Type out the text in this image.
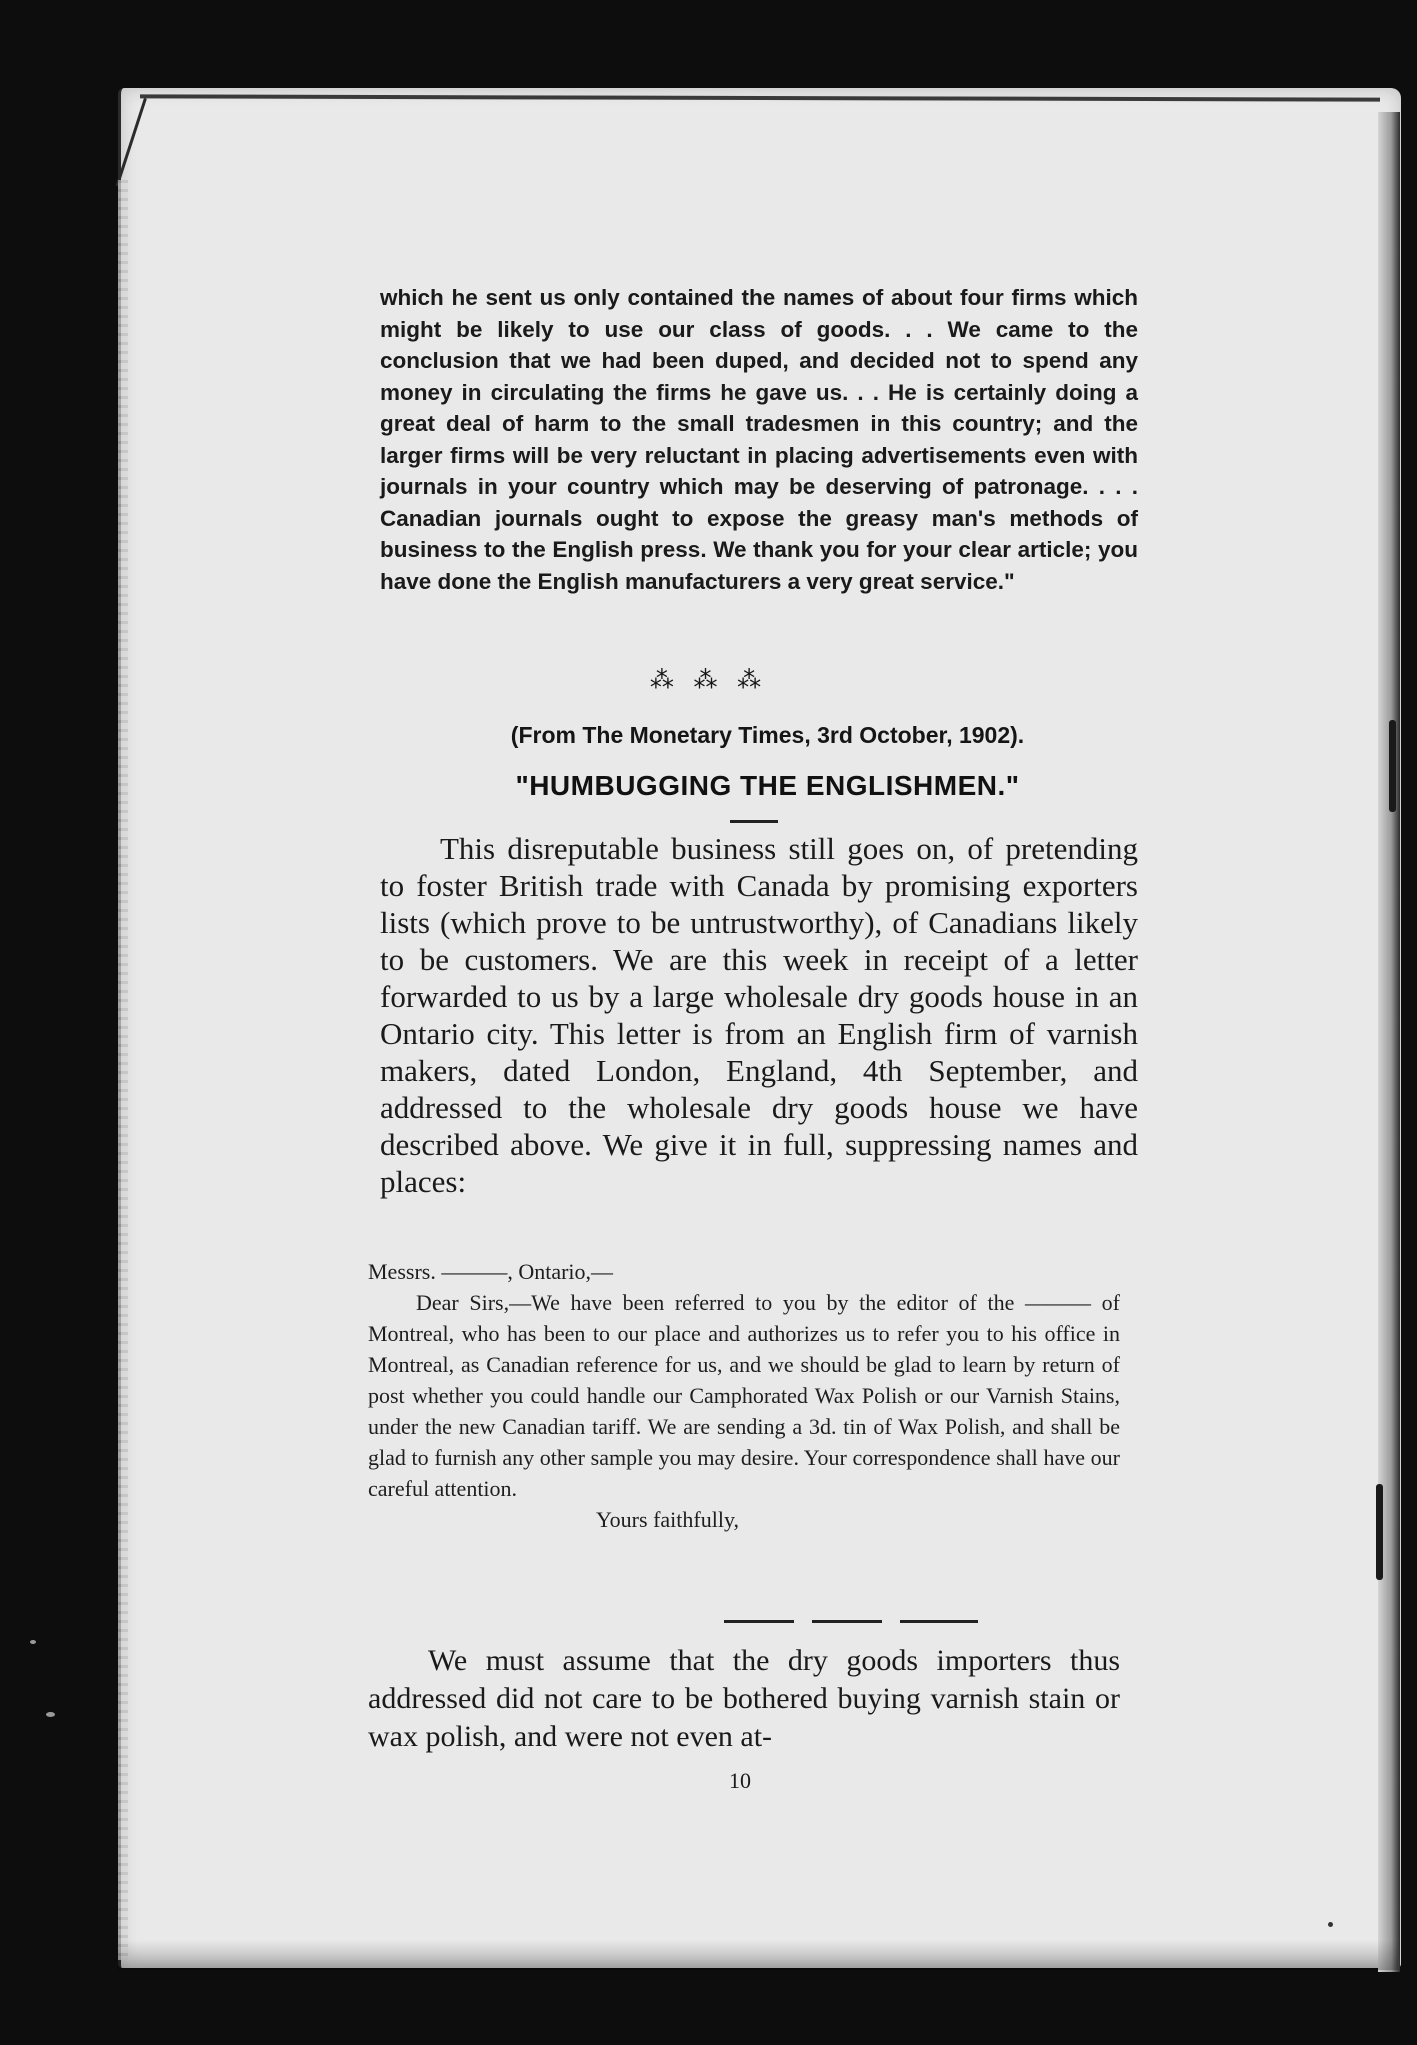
which he sent us only contained the names of about four firms which might be likely to use our class of goods. . . We came to the conclusion that we had been duped, and decided not to spend any money in circulating the firms he gave us. . . He is certainly doing a great deal of harm to the small tradesmen in this country; and the larger firms will be very reluctant in placing advertisements even with journals in your country which may be deserving of patronage. . . . Canadian journals ought to expose the greasy man's methods of business to the English press. We thank you for your clear article; you have done the English manufacturers a very great service."

⁂ ⁂ ⁂
(From The Monetary Times, 3rd October, 1902).
"HUMBUGGING THE ENGLISHMEN."

This disreputable business still goes on, of pretending to foster British trade with Canada by promising exporters lists (which prove to be untrustworthy), of Canadians likely to be customers. We are this week in receipt of a letter forwarded to us by a large wholesale dry goods house in an Ontario city. This letter is from an English firm of varnish makers, dated London, England, 4th September, and addressed to the wholesale dry goods house we have described above. We give it in full, suppressing names and places:

Messrs. ———, Ontario,—

Dear Sirs,—We have been referred to you by the editor of the ——— of Montreal, who has been to our place and authorizes us to refer you to his office in Montreal, as Canadian reference for us, and we should be glad to learn by return of post whether you could handle our Camphorated Wax Polish or our Varnish Stains, under the new Canadian tariff. We are sending a 3d. tin of Wax Polish, and shall be glad to furnish any other sample you may desire. Your correspondence shall have our careful attention.

Yours faithfully,

We must assume that the dry goods importers thus addressed did not care to be bothered buying varnish stain or wax polish, and were not even at-

10
